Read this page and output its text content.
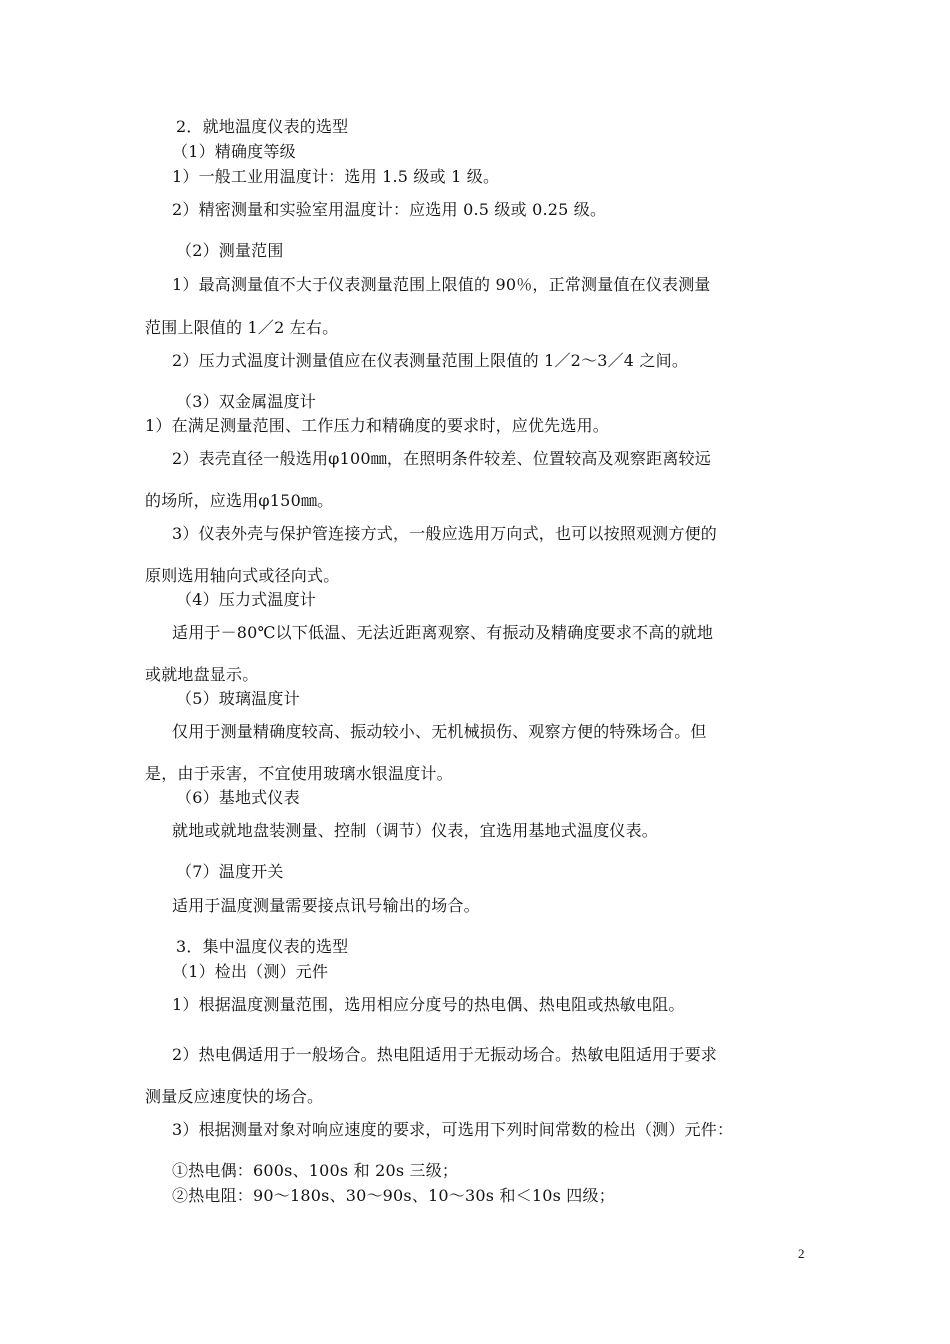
2．就地温度仪表的选型
（1）精确度等级
1）一般工业用温度计：选用 1.5 级或 1 级。
2）精密测量和实验室用温度计：应选用 0.5 级或 0.25 级。
（2）测量范围
1）最高测量值不大于仪表测量范围上限值的 90％，正常测量值在仪表测量
范围上限值的 1／2 左右。
2）压力式温度计测量值应在仪表测量范围上限值的 1／2～3／4 之间。
（3）双金属温度计
1）在满足测量范围、工作压力和精确度的要求时，应优先选用。
2）表壳直径一般选用φ100㎜，在照明条件较差、位置较高及观察距离较远
的场所，应选用φ150㎜。
3）仪表外壳与保护管连接方式，一般应选用万向式，也可以按照观测方便的
原则选用轴向式或径向式。
（4）压力式温度计
适用于－80℃以下低温、无法近距离观察、有振动及精确度要求不高的就地
或就地盘显示。
（5）玻璃温度计
仅用于测量精确度较高、振动较小、无机械损伤、观察方便的特殊场合。但
是，由于汞害，不宜使用玻璃水银温度计。
（6）基地式仪表
就地或就地盘装测量、控制（调节）仪表，宜选用基地式温度仪表。
（7）温度开关
适用于温度测量需要接点讯号输出的场合。
3．集中温度仪表的选型
（1）检出（测）元件
1）根据温度测量范围，选用相应分度号的热电偶、热电阻或热敏电阻。
2）热电偶适用于一般场合。热电阻适用于无振动场合。热敏电阻适用于要求
测量反应速度快的场合。
3）根据测量对象对响应速度的要求，可选用下列时间常数的检出（测）元件：
①热电偶：600s、100s 和 20s 三级；
②热电阻：90～180s、30～90s、10～30s 和＜10s 四级；
2
